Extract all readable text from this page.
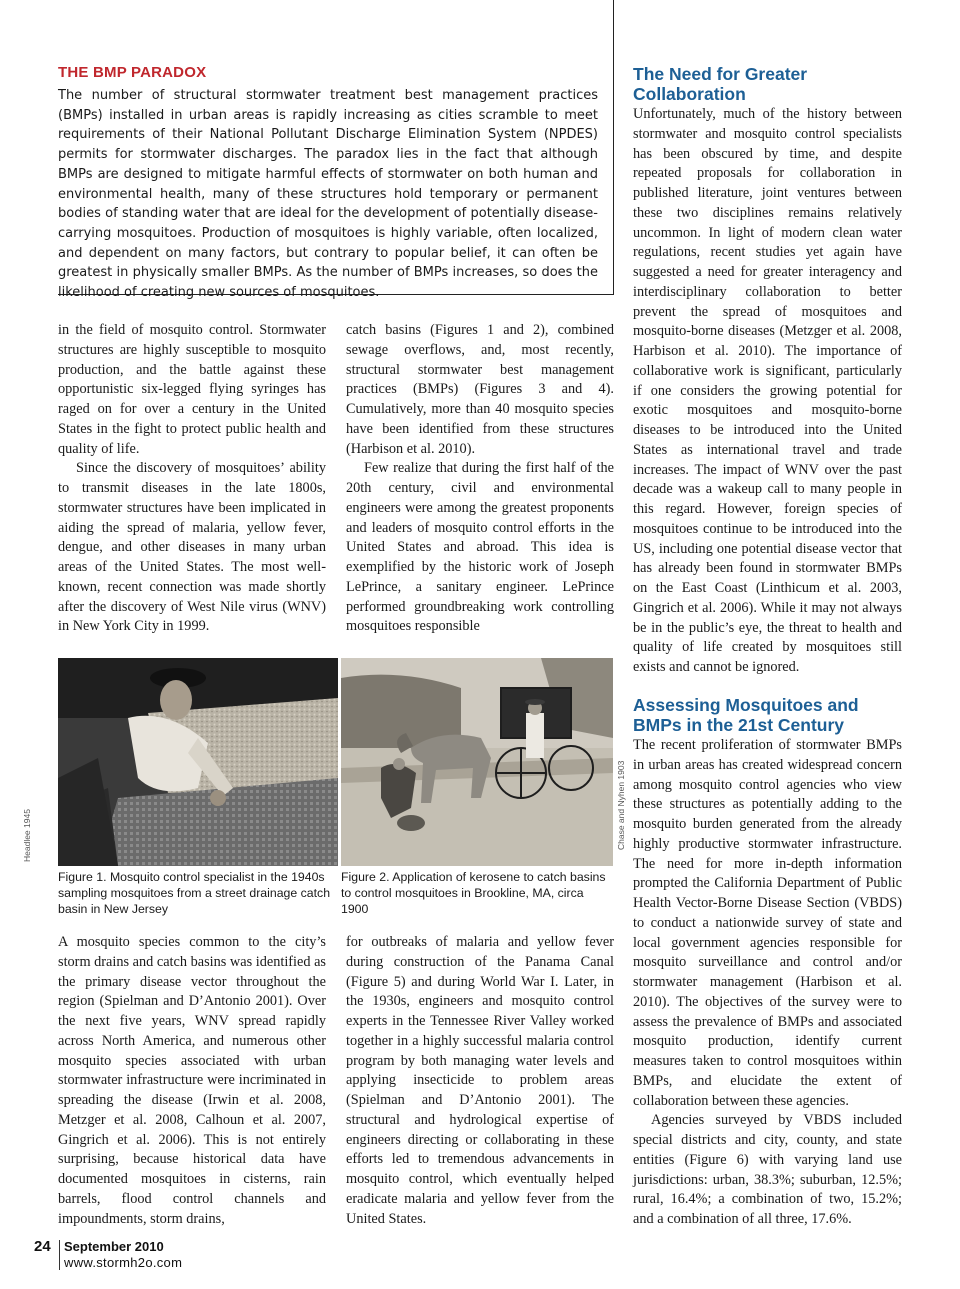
THE BMP PARADOX
The number of structural stormwater treatment best management practices (BMPs) installed in urban areas is rapidly increasing as cities scramble to meet requirements of their National Pollutant Discharge Elimination System (NPDES) permits for stormwater discharges. The paradox lies in the fact that although BMPs are designed to mitigate harmful effects of stormwater on both human and environmental health, many of these structures hold temporary or permanent bodies of standing water that are ideal for the development of potentially disease-carrying mosquitoes. Production of mosquitoes is highly variable, often localized, and dependent on many factors, but contrary to popular belief, it can often be greatest in physically smaller BMPs. As the number of BMPs increases, so does the likelihood of creating new sources of mosquitoes.

in the field of mosquito control. Stormwater structures are highly susceptible to mosquito production, and the battle against these opportunistic six-legged flying syringes has raged on for over a century in the United States in the fight to protect public health and quality of life.

Since the discovery of mosquitoes’ ability to transmit diseases in the late 1800s, stormwater structures have been implicated in aiding the spread of malaria, yellow fever, dengue, and other diseases in many urban areas of the United States. The most well-known, recent connection was made shortly after the discovery of West Nile virus (WNV) in New York City in 1999.

catch basins (Figures 1 and 2), combined sewage overflows, and, most recently, structural stormwater best management practices (BMPs) (Figures 3 and 4). Cumulatively, more than 40 mosquito species have been identified from these structures (Harbison et al. 2010).

Few realize that during the first half of the 20th century, civil and environmental engineers were among the greatest proponents and leaders of mosquito control efforts in the United States and abroad. This idea is exemplified by the historic work of Joseph LePrince, a sanitary engineer. LePrince performed groundbreaking work controlling mosquitoes responsible

Headlee 1945
Figure 1. Mosquito control specialist in the 1940s sampling mosquitoes from a street drainage catch basin in New Jersey
Chase and Nyhen 1903
Figure 2. Application of kerosene to catch basins to control mosquitoes in Brookline, MA, circa 1900

A mosquito species common to the city’s storm drains and catch basins was identified as the primary disease vector throughout the region (Spielman and D’Antonio 2001). Over the next five years, WNV spread rapidly across North America, and numerous other mosquito species associated with urban stormwater infrastructure were incriminated in spreading the disease (Irwin et al. 2008, Metzger et al. 2008, Calhoun et al. 2007, Gingrich et al. 2006). This is not entirely surprising, because historical data have documented mosquitoes in cisterns, rain barrels, flood control channels and impoundments, storm drains,

for outbreaks of malaria and yellow fever during construction of the Panama Canal (Figure 5) and during World War I. Later, in the 1930s, engineers and mosquito control experts in the Tennessee River Valley worked together in a highly successful malaria control program by both managing water levels and applying insecticide to problem areas (Spielman and D’Antonio 2001). The structural and hydrological expertise of engineers directing or collaborating in these efforts led to tremendous advancements in mosquito control, which eventually helped eradicate malaria and yellow fever from the United States.

The Need for Greater Collaboration

Unfortunately, much of the history between stormwater and mosquito control specialists has been obscured by time, and despite repeated proposals for collaboration in published literature, joint ventures between these two disciplines remains relatively uncommon. In light of modern clean water regulations, recent studies yet again have suggested a need for greater interagency and interdisciplinary collaboration to better prevent the spread of mosquitoes and mosquito-borne diseases (Metzger et al. 2008, Harbison et al. 2010). The importance of collaborative work is significant, particularly if one considers the growing potential for exotic mosquitoes and mosquito-borne diseases to be introduced into the United States as international travel and trade increases. The impact of WNV over the past decade was a wakeup call to many people in this regard. However, foreign species of mosquitoes continue to be introduced into the US, including one potential disease vector that has already been found in stormwater BMPs on the East Coast (Linthicum et al. 2003, Gingrich et al. 2006). While it may not always be in the public’s eye, the threat to health and quality of life created by mosquitoes still exists and cannot be ignored.

Assessing Mosquitoes and BMPs in the 21st Century

The recent proliferation of stormwater BMPs in urban areas has created widespread concern among mosquito control agencies who view these structures as potentially adding to the mosquito burden generated from the already highly productive stormwater infrastructure. The need for more in-depth information prompted the California Department of Public Health Vector-Borne Disease Section (VBDS) to conduct a nationwide survey of state and local government agencies responsible for mosquito surveillance and control and/or stormwater management (Harbison et al. 2010). The objectives of the survey were to assess the prevalence of BMPs and associated mosquito production, identify current measures taken to control mosquitoes within BMPs, and elucidate the extent of collaboration between these agencies.

Agencies surveyed by VBDS included special districts and city, county, and state entities (Figure 6) with varying land use jurisdictions: urban, 38.3%; suburban, 12.5%; rural, 16.4%; a combination of two, 15.2%; and a combination of all three, 17.6%.

24 September 2010
www.stormh2o.com
